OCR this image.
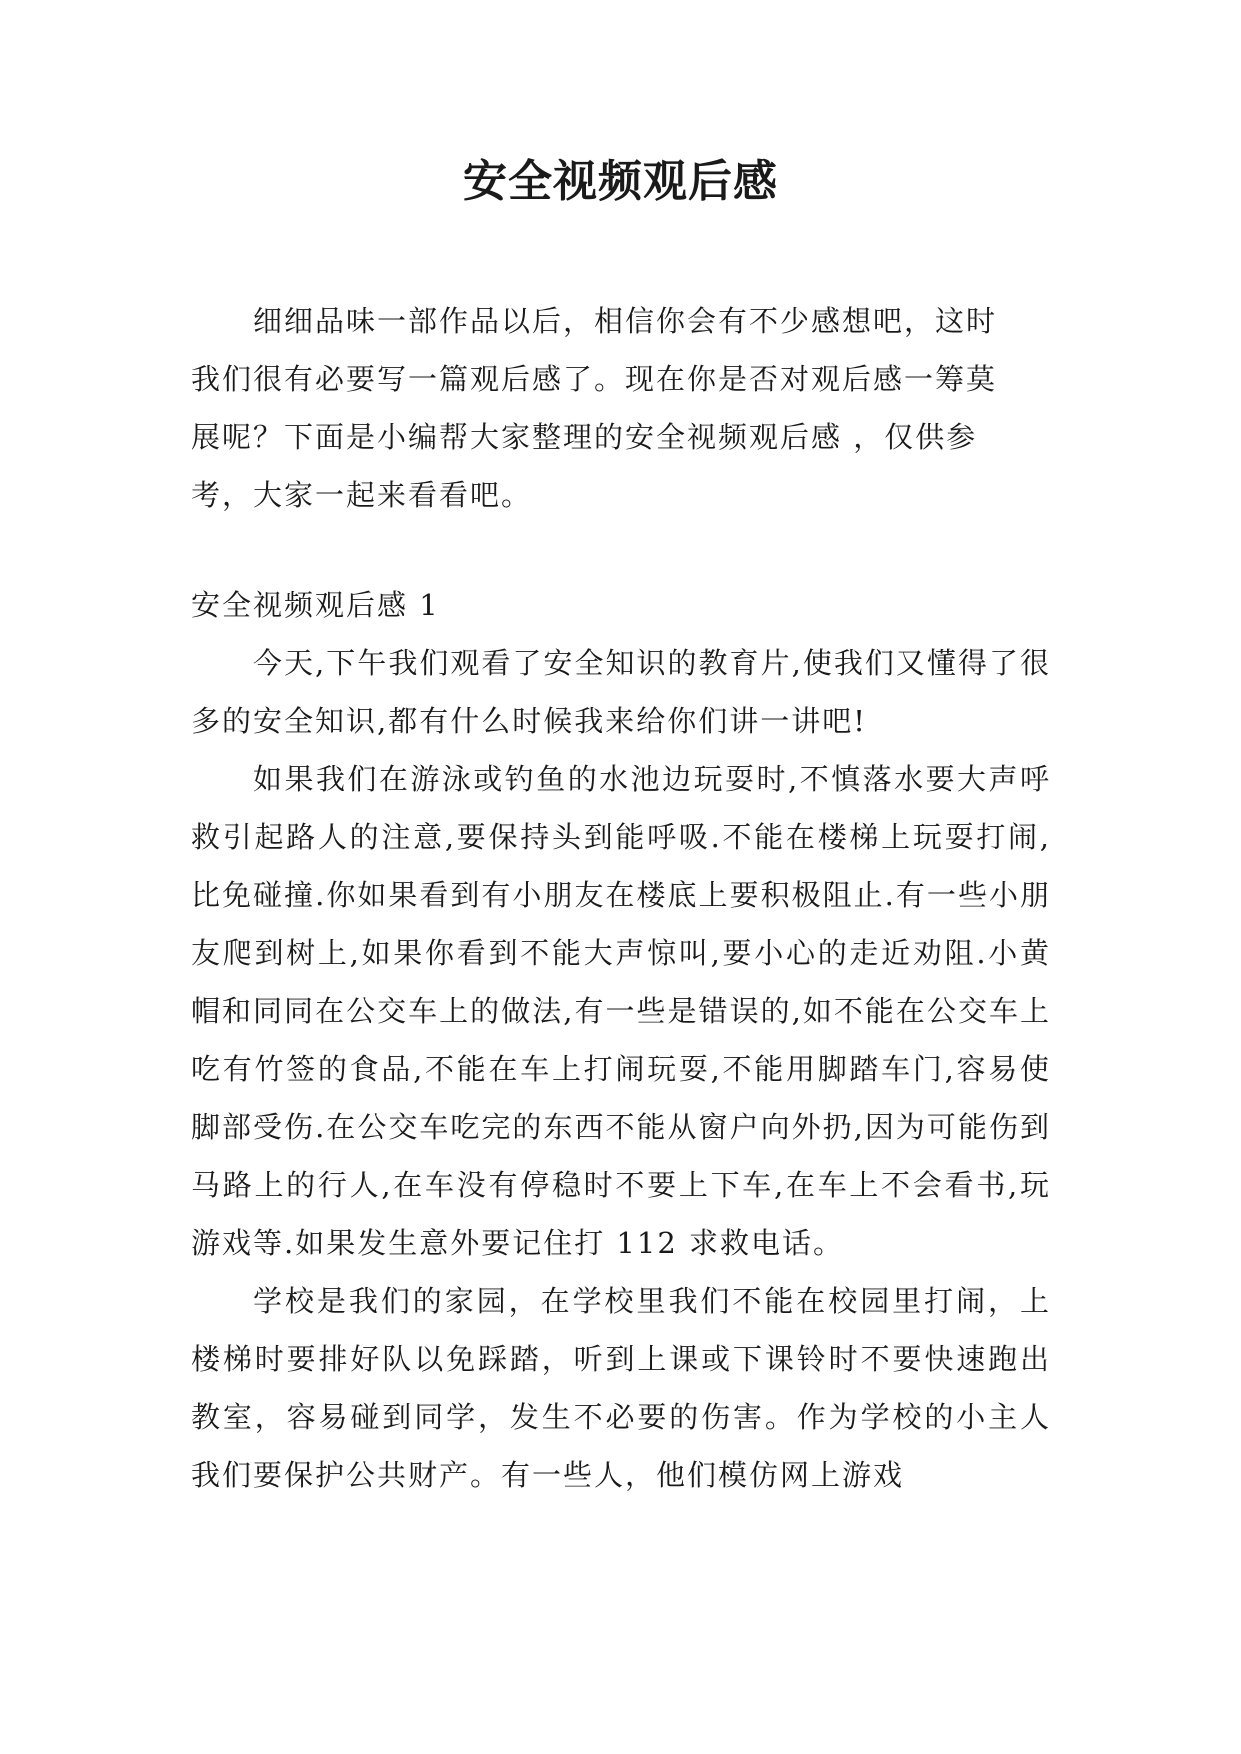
安全视频观后感
细细品味一部作品以后，相信你会有不少感想吧，这时
我们很有必要写一篇观后感了。现在你是否对观后感一筹莫
展呢？下面是小编帮大家整理的安全视频观后感 ，仅供参
考，大家一起来看看吧。
安全视频观后感 1

今天,下午我们观看了安全知识的教育片,使我们又懂得了很多的安全知识,都有什么时候我来给你们讲一讲吧!

如果我们在游泳或钓鱼的水池边玩耍时,不慎落水要大声呼救引起路人的注意,要保持头到能呼吸.不能在楼梯上玩耍打闹,比免碰撞.你如果看到有小朋友在楼底上要积极阻止.有一些小朋友爬到树上,如果你看到不能大声惊叫,要小心的走近劝阻.小黄帽和同同在公交车上的做法,有一些是错误的,如不能在公交车上吃有竹签的食品,不能在车上打闹玩耍,不能用脚踏车门,容易使脚部受伤.在公交车吃完的东西不能从窗户向外扔,因为可能伤到马路上的行人,在车没有停稳时不要上下车,在车上不会看书,玩游戏等.如果发生意外要记住打 112 求救电话。

学校是我们的家园，在学校里我们不能在校园里打闹，上楼梯时要排好队以免踩踏，听到上课或下课铃时不要快速跑出教室，容易碰到同学，发生不必要的伤害。作为学校的小主人我们要保护公共财产。有一些人，他们模仿网上游戏
